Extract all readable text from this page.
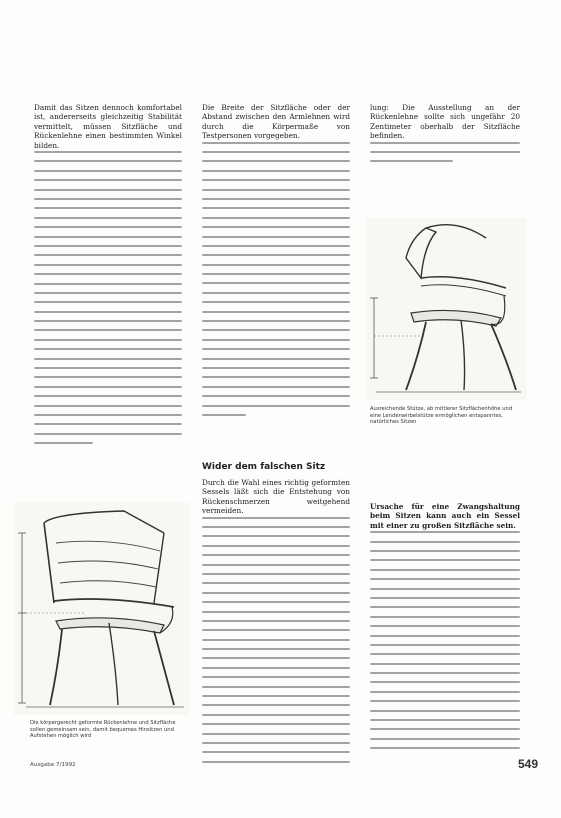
Damit das Sitzen dennoch komfortabel ist, andererseits gleichzeitig Stabilität vermittelt, müssen Sitzfläche und Rückenlehne einen bestimmten Winkel bilden.

Die Breite der Sitzfläche oder der Abstand zwischen den Armlehnen wird durch die Körpermaße von Testpersonen vorgegeben.

Wider dem falschen Sitz

Durch die Wahl eines richtig geformten Sessels läßt sich die Entstehung von Rückenschmerzen weitgehend vermeiden.

lung: Die Ausstellung an der Rückenlehne sollte sich ungefähr 20 Zentimeter oberhalb der Sitzfläche befinden.

Ausreichende Stütze, ab mittlerer Sitzflächenhöhe und eine Lendenwirbelstütze ermöglichen entspanntes, natürliches Sitzen

Ursache für eine Zwangshaltung beim Sitzen kann auch ein Sessel mit einer zu großen Sitzfläche sein.

Die körpergerecht geformte Rückenlehne und Sitzfläche sollen gemeinsam sein, damit bequemes Hinsitzen und Aufstehen möglich wird
Ausgabe 7/1992	549
